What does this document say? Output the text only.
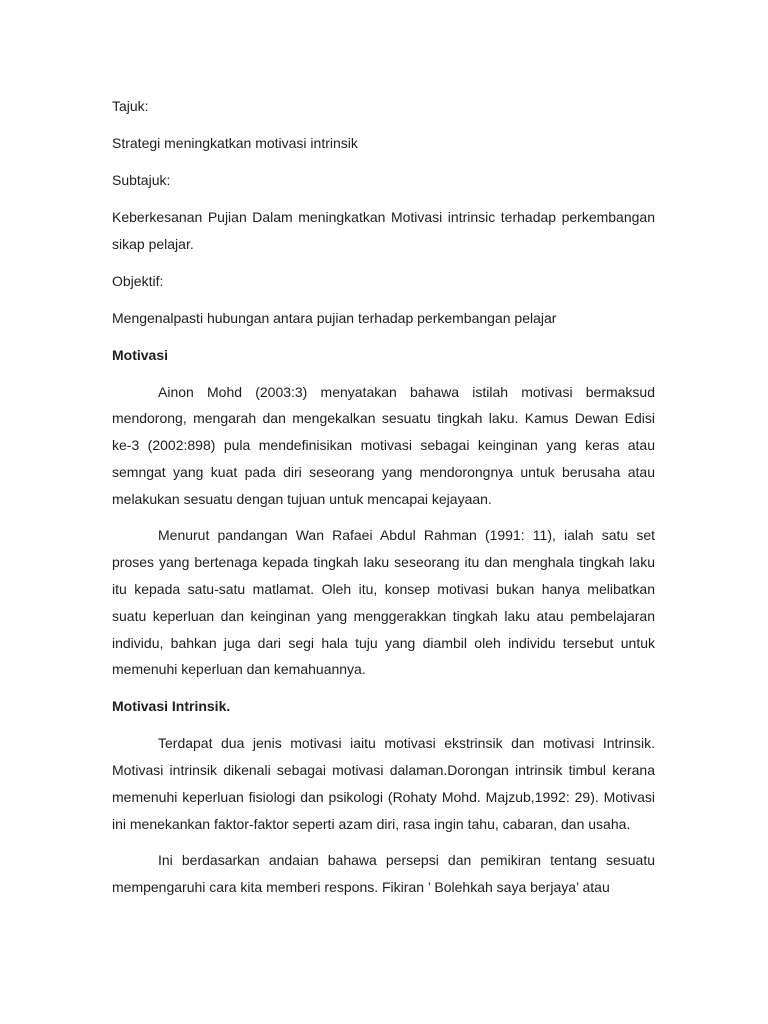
Tajuk:

Strategi meningkatkan motivasi intrinsik

Subtajuk:

Keberkesanan Pujian Dalam meningkatkan Motivasi intrinsic terhadap perkembangan sikap pelajar.

Objektif:

Mengenalpasti hubungan antara pujian terhadap perkembangan pelajar

Motivasi

Ainon Mohd (2003:3) menyatakan bahawa istilah motivasi bermaksud mendorong, mengarah dan mengekalkan sesuatu tingkah laku. Kamus Dewan Edisi ke-3 (2002:898) pula mendefinisikan motivasi sebagai keinginan yang keras atau semngat yang kuat pada diri seseorang yang mendorongnya untuk berusaha atau melakukan sesuatu dengan tujuan untuk mencapai kejayaan.

Menurut pandangan Wan Rafaei Abdul Rahman (1991: 11), ialah satu set proses yang bertenaga kepada tingkah laku seseorang itu dan menghala tingkah laku itu kepada satu-satu matlamat. Oleh itu, konsep motivasi bukan hanya melibatkan suatu keperluan dan keinginan yang menggerakkan tingkah laku atau pembelajaran individu, bahkan juga dari segi hala tuju yang diambil oleh individu tersebut untuk memenuhi keperluan dan kemahuannya.

Motivasi Intrinsik.

Terdapat dua jenis motivasi iaitu motivasi ekstrinsik dan motivasi Intrinsik. Motivasi intrinsik dikenali sebagai motivasi dalaman.Dorongan intrinsik timbul kerana memenuhi keperluan fisiologi dan psikologi (Rohaty Mohd. Majzub,1992: 29). Motivasi ini menekankan faktor-faktor seperti azam diri, rasa ingin tahu, cabaran, dan usaha.

Ini berdasarkan andaian bahawa persepsi dan pemikiran tentang sesuatu mempengaruhi cara kita memberi respons. Fikiran ’ Bolehkah saya berjaya’ atau
